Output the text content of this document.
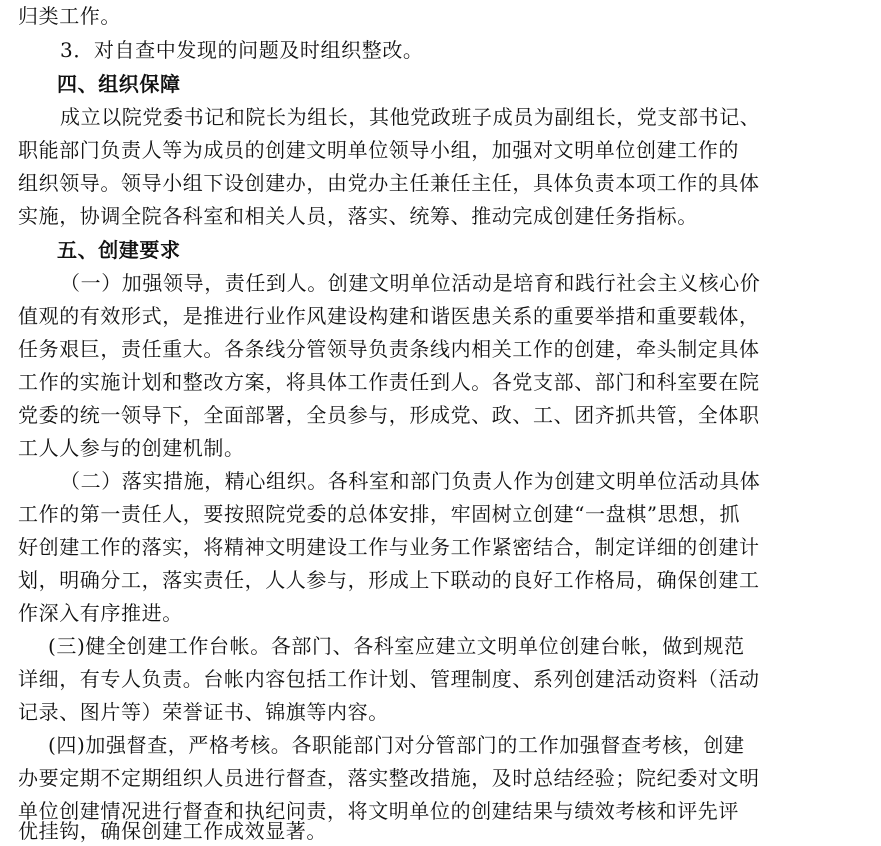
归类工作。
3．对自查中发现的问题及时组织整改。
四、组织保障
成立以院党委书记和院长为组长，其他党政班子成员为副组长，党支部书记、
职能部门负责人等为成员的创建文明单位领导小组，加强对文明单位创建工作的
组织领导。领导小组下设创建办，由党办主任兼任主任，具体负责本项工作的具体
实施，协调全院各科室和相关人员，落实、统筹、推动完成创建任务指标。
五、创建要求
（一）加强领导，责任到人。创建文明单位活动是培育和践行社会主义核心价
值观的有效形式，是推进行业作风建设构建和谐医患关系的重要举措和重要载体，
任务艰巨，责任重大。各条线分管领导负责条线内相关工作的创建，牵头制定具体
工作的实施计划和整改方案，将具体工作责任到人。各党支部、部门和科室要在院
党委的统一领导下，全面部署，全员参与，形成党、政、工、团齐抓共管，全体职
工人人参与的创建机制。
（二）落实措施，精心组织。各科室和部门负责人作为创建文明单位活动具体
工作的第一责任人，要按照院党委的总体安排，牢固树立创建“一盘棋”思想，抓
好创建工作的落实，将精神文明建设工作与业务工作紧密结合，制定详细的创建计
划，明确分工，落实责任，人人参与，形成上下联动的良好工作格局，确保创建工
作深入有序推进。
(三)健全创建工作台帐。各部门、各科室应建立文明单位创建台帐，做到规范
详细，有专人负责。台帐内容包括工作计划、管理制度、系列创建活动资料（活动
记录、图片等）荣誉证书、锦旗等内容。
(四)加强督查，严格考核。各职能部门对分管部门的工作加强督查考核，创建
办要定期不定期组织人员进行督查，落实整改措施，及时总结经验；院纪委对文明
单位创建情况进行督查和执纪问责，将文明单位的创建结果与绩效考核和评先评
优挂钩，确保创建工作成效显著。
